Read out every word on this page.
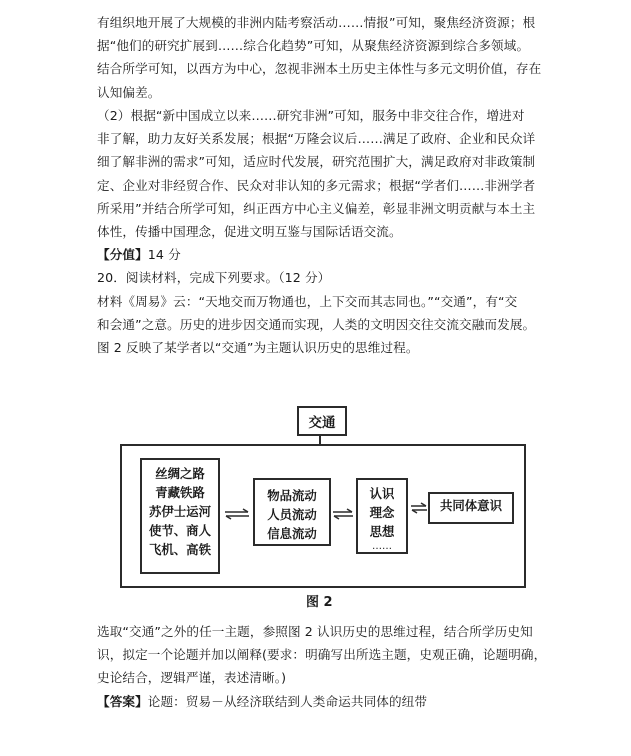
有组织地开展了大规模的非洲内陆考察活动……情报”可知，聚焦经济资源；根
据“他们的研究扩展到……综合化趋势”可知，从聚焦经济资源到综合多领域。
结合所学可知，以西方为中心，忽视非洲本土历史主体性与多元文明价值，存在
认知偏差。
（2）根据“新中国成立以来……研究非洲”可知，服务中非交往合作，增进对
非了解，助力友好关系发展；根据“万隆会议后……满足了政府、企业和民众详
细了解非洲的需求”可知，适应时代发展，研究范围扩大，满足政府对非政策制
定、企业对非经贸合作、民众对非认知的多元需求；根据“学者们……非洲学者
所采用”并结合所学可知，纠正西方中心主义偏差，彰显非洲文明贡献与本土主
体性，传播中国理念，促进文明互鉴与国际话语交流。
【分值】14 分
20．阅读材料，完成下列要求。（12 分）
材料《周易》云：“天地交而万物通也，上下交而其志同也。”“交通”，有“交
和会通”之意。历史的进步因交通而实现，人类的文明因交往交流交融而发展。
图 2 反映了某学者以“交通”为主题认识历史的思维过程。
交通
丝绸之路
青藏铁路
苏伊士运河
使节、商人
飞机、高铁
物品流动
人员流动
信息流动
认识
理念
思想
……
共同体意识
图 2
选取“交通”之外的任一主题，参照图 2 认识历史的思维过程，结合所学历史知
识，拟定一个论题并加以阐释(要求：明确写出所选主题，史观正确，论题明确，
史论结合，逻辑严谨，表述清晰。)
【答案】论题：贸易－从经济联结到人类命运共同体的纽带
